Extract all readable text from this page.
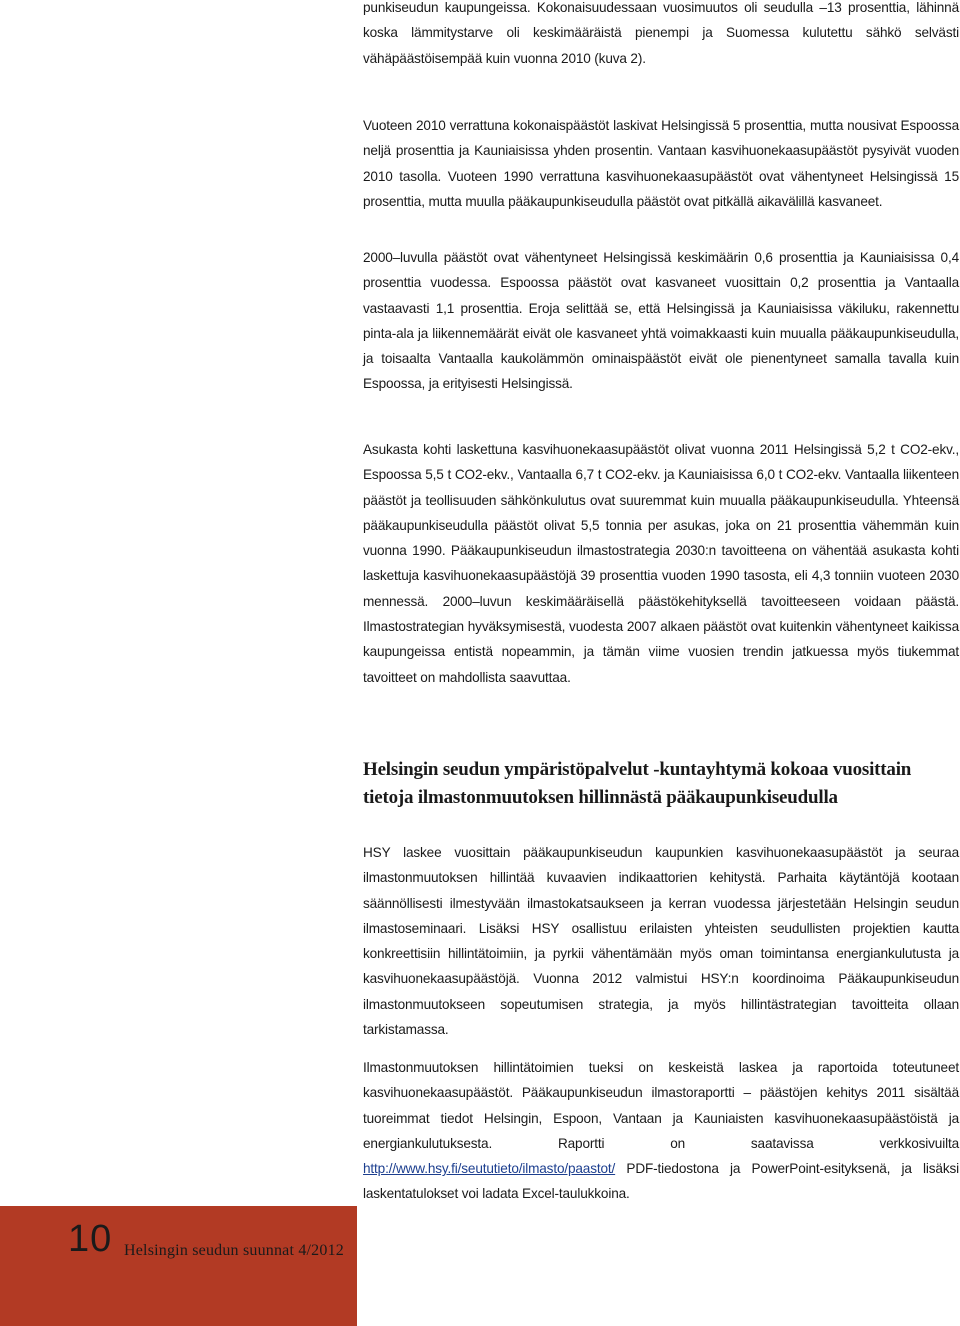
punkiseudun kaupungeissa. Kokonaisuudessaan vuosimuutos oli seudulla –13 prosenttia, lähinnä koska lämmitystarve oli keskimääräistä pienempi ja Suomessa kulutettu sähkö selvästi vähäpäästöisempää kuin vuonna 2010 (kuva 2).

Vuoteen 2010 verrattuna kokonaispäästöt laskivat Helsingissä 5 prosenttia, mutta nousivat Espoossa neljä prosenttia ja Kauniaisissa yhden prosentin. Vantaan kasvihuonekaasupäästöt pysyivät vuoden 2010 tasolla. Vuoteen 1990 verrattuna kasvihuonekaasupäästöt ovat vähentyneet Helsingissä 15 prosenttia, mutta muulla pääkaupunkiseudulla päästöt ovat pitkällä aikavälillä kasvaneet.

2000–luvulla päästöt ovat vähentyneet Helsingissä keskimäärin 0,6 prosenttia ja Kauniaisissa 0,4 prosenttia vuodessa. Espoossa päästöt ovat kasvaneet vuosittain 0,2 prosenttia ja Vantaalla vastaavasti 1,1 prosenttia. Eroja selittää se, että Helsingissä ja Kauniaisissa väkiluku, rakennettu pinta-ala ja liikennemäärät eivät ole kasvaneet yhtä voimakkaasti kuin muualla pääkaupunkiseudulla, ja toisaalta Vantaalla kaukolämmön ominaispäästöt eivät ole pienentyneet samalla tavalla kuin Espoossa, ja erityisesti Helsingissä.

Asukasta kohti laskettuna kasvihuonekaasupäästöt olivat vuonna 2011 Helsingissä 5,2 t CO2-ekv., Espoossa 5,5 t CO2-ekv., Vantaalla 6,7 t CO2-ekv. ja Kauniaisissa 6,0 t CO2-ekv. Vantaalla liikenteen päästöt ja teollisuuden sähkönkulutus ovat suuremmat kuin muualla pääkaupunkiseudulla. Yhteensä pääkaupunkiseudulla päästöt olivat 5,5 tonnia per asukas, joka on 21 prosenttia vähemmän kuin vuonna 1990. Pääkaupunkiseudun ilmastostrategia 2030:n tavoitteena on vähentää asukasta kohti laskettuja kasvihuonekaasupäästöjä 39 prosenttia vuoden 1990 tasosta, eli 4,3 tonniin vuoteen 2030 mennessä. 2000–luvun keskimääräisellä päästökehityksellä tavoitteeseen voidaan päästä. Ilmastostrategian hyväksymisestä, vuodesta 2007 alkaen päästöt ovat kuitenkin vähentyneet kaikissa kaupungeissa entistä nopeammin, ja tämän viime vuosien trendin jatkuessa myös tiukemmat tavoitteet on mahdollista saavuttaa.

Helsingin seudun ympäristöpalvelut -kuntayhtymä kokoaa vuosittain tietoja ilmastonmuutoksen hillinnästä pääkaupunkiseudulla

HSY laskee vuosittain pääkaupunkiseudun kaupunkien kasvihuonekaasupäästöt ja seuraa ilmastonmuutoksen hillintää kuvaavien indikaattorien kehitystä. Parhaita käytäntöjä kootaan säännöllisesti ilmestyvään ilmastokatsaukseen ja kerran vuodessa järjestetään Helsingin seudun ilmastoseminaari. Lisäksi HSY osallistuu erilaisten yhteisten seudullisten projektien kautta konkreettisiin hillintätoimiin, ja pyrkii vähentämään myös oman toimintansa energiankulutusta ja kasvihuonekaasupäästöjä. Vuonna 2012 valmistui HSY:n koordinoima Pääkaupunkiseudun ilmastonmuutokseen sopeutumisen strategia, ja myös hillintästrategian tavoitteita ollaan tarkistamassa.

Ilmastonmuutoksen hillintätoimien tueksi on keskeistä laskea ja raportoida toteutuneet kasvihuonekaasupäästöt. Pääkaupunkiseudun ilmastoraportti – päästöjen kehitys 2011 sisältää tuoreimmat tiedot Helsingin, Espoon, Vantaan ja Kauniaisten kasvihuonekaasupäästöistä ja energiankulutuksesta. Raportti on saatavissa verkkosivuilta http://www.hsy.fi/seututieto/ilmasto/paastot/ PDF-tiedostona ja PowerPoint-esityksenä, ja lisäksi laskentatulokset voi ladata Excel-taulukkoina.

10 Helsingin seudun suunnat 4/2012
